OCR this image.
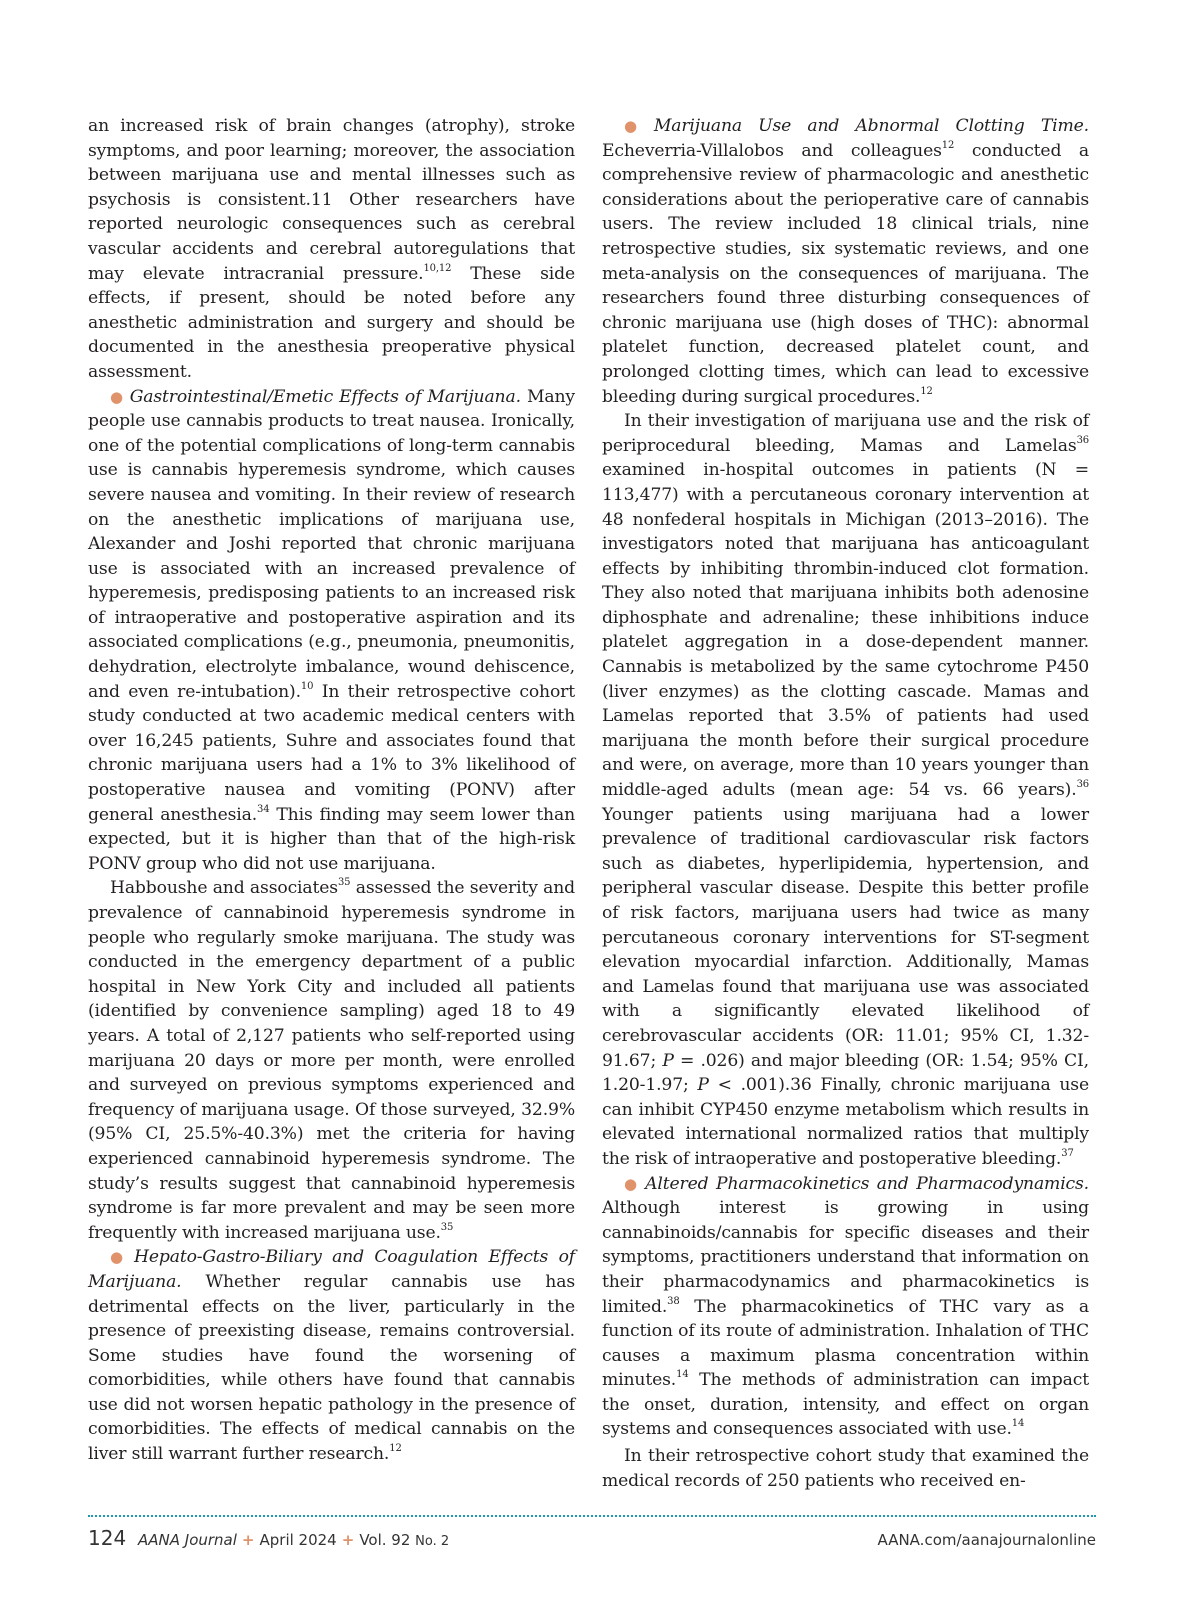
an increased risk of brain changes (atrophy), stroke symptoms, and poor learning; moreover, the association between marijuana use and mental illnesses such as psychosis is consistent.11 Other researchers have reported neurologic consequences such as cerebral vascular accidents and cerebral autoregulations that may elevate intracranial pressure.$^{10,12}$ These side effects, if present, should be noted before any anesthetic administration and surgery and should be documented in the anesthesia preoperative physical assessment.

● Gastrointestinal/Emetic Effects of Marijuana. Many people use cannabis products to treat nausea. Ironically, one of the potential complications of long-term cannabis use is cannabis hyperemesis syndrome, which causes severe nausea and vomiting. In their review of research on the anesthetic implications of marijuana use, Alexander and Joshi reported that chronic marijuana use is associated with an increased prevalence of hyperemesis, predisposing patients to an increased risk of intraoperative and postoperative aspiration and its associated complications (e.g., pneumonia, pneumonitis, dehydration, electrolyte imbalance, wound dehiscence, and even re-intubation).$^{10}$ In their retrospective cohort study conducted at two academic medical centers with over 16,245 patients, Suhre and associates found that chronic marijuana users had a 1% to 3% likelihood of postoperative nausea and vomiting (PONV) after general anesthesia.$^{34}$ This finding may seem lower than expected, but it is higher than that of the high-risk PONV group who did not use marijuana.

Habboushe and associates$^{35}$ assessed the severity and prevalence of cannabinoid hyperemesis syndrome in people who regularly smoke marijuana. The study was conducted in the emergency department of a public hospital in New York City and included all patients (identified by convenience sampling) aged 18 to 49 years. A total of 2,127 patients who self-reported using marijuana 20 days or more per month, were enrolled and surveyed on previous symptoms experienced and frequency of marijuana usage. Of those surveyed, 32.9% (95% CI, 25.5%-40.3%) met the criteria for having experienced cannabinoid hyperemesis syndrome. The study’s results suggest that cannabinoid hyperemesis syndrome is far more prevalent and may be seen more frequently with increased marijuana use.$^{35}$

● Hepato-Gastro-Biliary and Coagulation Effects of Marijuana. Whether regular cannabis use has detrimental effects on the liver, particularly in the presence of preexisting disease, remains controversial. Some studies have found the worsening of comorbidities, while others have found that cannabis use did not worsen hepatic pathology in the presence of comorbidities. The effects of medical cannabis on the liver still warrant further research.$^{12}$

● Marijuana Use and Abnormal Clotting Time. Echeverria-Villalobos and colleagues$^{12}$ conducted a comprehensive review of pharmacologic and anesthetic considerations about the perioperative care of cannabis users. The review included 18 clinical trials, nine retrospective studies, six systematic reviews, and one meta-analysis on the consequences of marijuana. The researchers found three disturbing consequences of chronic marijuana use (high doses of THC): abnormal platelet function, decreased platelet count, and prolonged clotting times, which can lead to excessive bleeding during surgical procedures.$^{12}$

In their investigation of marijuana use and the risk of periprocedural bleeding, Mamas and Lamelas$^{36}$ examined in-hospital outcomes in patients (N = 113,477) with a percutaneous coronary intervention at 48 nonfederal hospitals in Michigan (2013–2016). The investigators noted that marijuana has anticoagulant effects by inhibiting thrombin-induced clot formation. They also noted that marijuana inhibits both adenosine diphosphate and adrenaline; these inhibitions induce platelet aggregation in a dose-dependent manner. Cannabis is metabolized by the same cytochrome P450 (liver enzymes) as the clotting cascade. Mamas and Lamelas reported that 3.5% of patients had used marijuana the month before their surgical procedure and were, on average, more than 10 years younger than middle-aged adults (mean age: 54 vs. 66 years).$^{36}$ Younger patients using marijuana had a lower prevalence of traditional cardiovascular risk factors such as diabetes, hyperlipidemia, hypertension, and peripheral vascular disease. Despite this better profile of risk factors, marijuana users had twice as many percutaneous coronary interventions for ST-segment elevation myocardial infarction. Additionally, Mamas and Lamelas found that marijuana use was associated with a significantly elevated likelihood of cerebrovascular accidents (OR: 11.01; 95% CI, 1.32-91.67; P = .026) and major bleeding (OR: 1.54; 95% CI, 1.20-1.97; P < .001).36 Finally, chronic marijuana use can inhibit CYP450 enzyme metabolism which results in elevated international normalized ratios that multiply the risk of intraoperative and postoperative bleeding.$^{37}$

● Altered Pharmacokinetics and Pharmacodynamics. Although interest is growing in using cannabinoids/cannabis for specific diseases and their symptoms, practitioners understand that information on their pharmacodynamics and pharmacokinetics is limited.$^{38}$ The pharmacokinetics of THC vary as a function of its route of administration. Inhalation of THC causes a maximum plasma concentration within minutes.$^{14}$ The methods of administration can impact the onset, duration, intensity, and effect on organ systems and consequences associated with use.$^{14}$

In their retrospective cohort study that examined the medical records of 250 patients who received en-

124 AANA Journal + April 2024 + Vol. 92 No. 2	AANA.com/aanajournalonline
